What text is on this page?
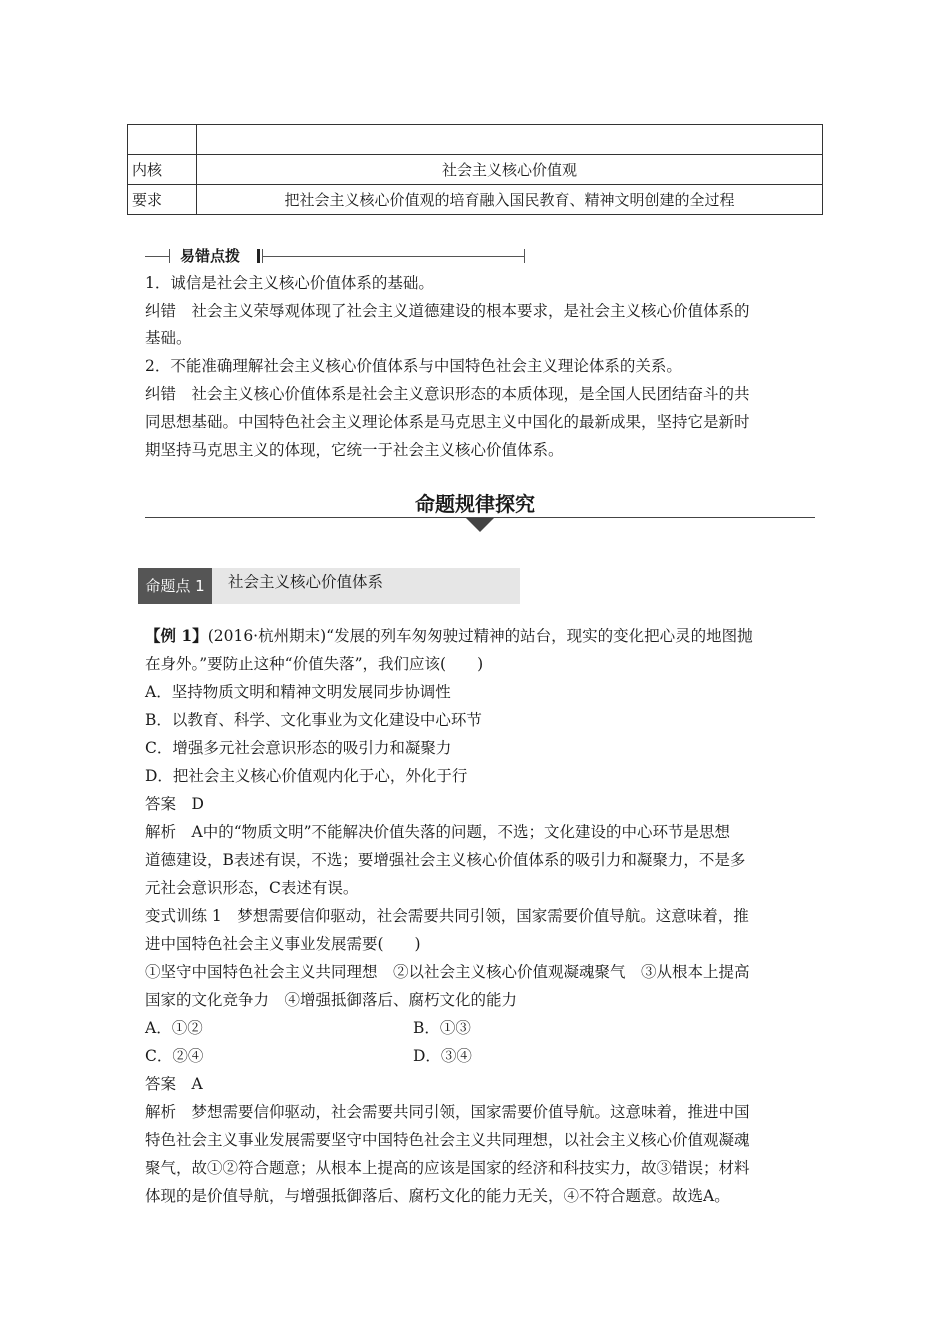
内核	社会主义核心价值观
要求	把社会主义核心价值观的培育融入国民教育、精神文明创建的全过程
易错点拨
1．诚信是社会主义核心价值体系的基础。
纠错　社会主义荣辱观体现了社会主义道德建设的根本要求，是社会主义核心价值体系的
基础。
2．不能准确理解社会主义核心价值体系与中国特色社会主义理论体系的关系。
纠错　社会主义核心价值体系是社会主义意识形态的本质体现，是全国人民团结奋斗的共
同思想基础。中国特色社会主义理论体系是马克思主义中国化的最新成果，坚持它是新时
期坚持马克思主义的体现，它统一于社会主义核心价值体系。
命题规律探究
命题点 1	社会主义核心价值体系
【例 1】(2016·杭州期末)“发展的列车匆匆驶过精神的站台，现实的变化把心灵的地图抛
在身外。”要防止这种“价值失落”，我们应该(　　)
A．坚持物质文明和精神文明发展同步协调性
B．以教育、科学、文化事业为文化建设中心环节
C．增强多元社会意识形态的吸引力和凝聚力
D．把社会主义核心价值观内化于心，外化于行
答案　D
解析　A中的“物质文明”不能解决价值失落的问题，不选；文化建设的中心环节是思想
道德建设，B表述有误，不选；要增强社会主义核心价值体系的吸引力和凝聚力，不是多
元社会意识形态，C表述有误。
变式训练 1　梦想需要信仰驱动，社会需要共同引领，国家需要价值导航。这意味着，推
进中国特色社会主义事业发展需要(　　)
①坚守中国特色社会主义共同理想　②以社会主义核心价值观凝魂聚气　③从根本上提高
国家的文化竞争力　④增强抵御落后、腐朽文化的能力
A．①②	B．①③
C．②④	D．③④
答案　A
解析　梦想需要信仰驱动，社会需要共同引领，国家需要价值导航。这意味着，推进中国
特色社会主义事业发展需要坚守中国特色社会主义共同理想，以社会主义核心价值观凝魂
聚气，故①②符合题意；从根本上提高的应该是国家的经济和科技实力，故③错误；材料
体现的是价值导航，与增强抵御落后、腐朽文化的能力无关，④不符合题意。故选A。
